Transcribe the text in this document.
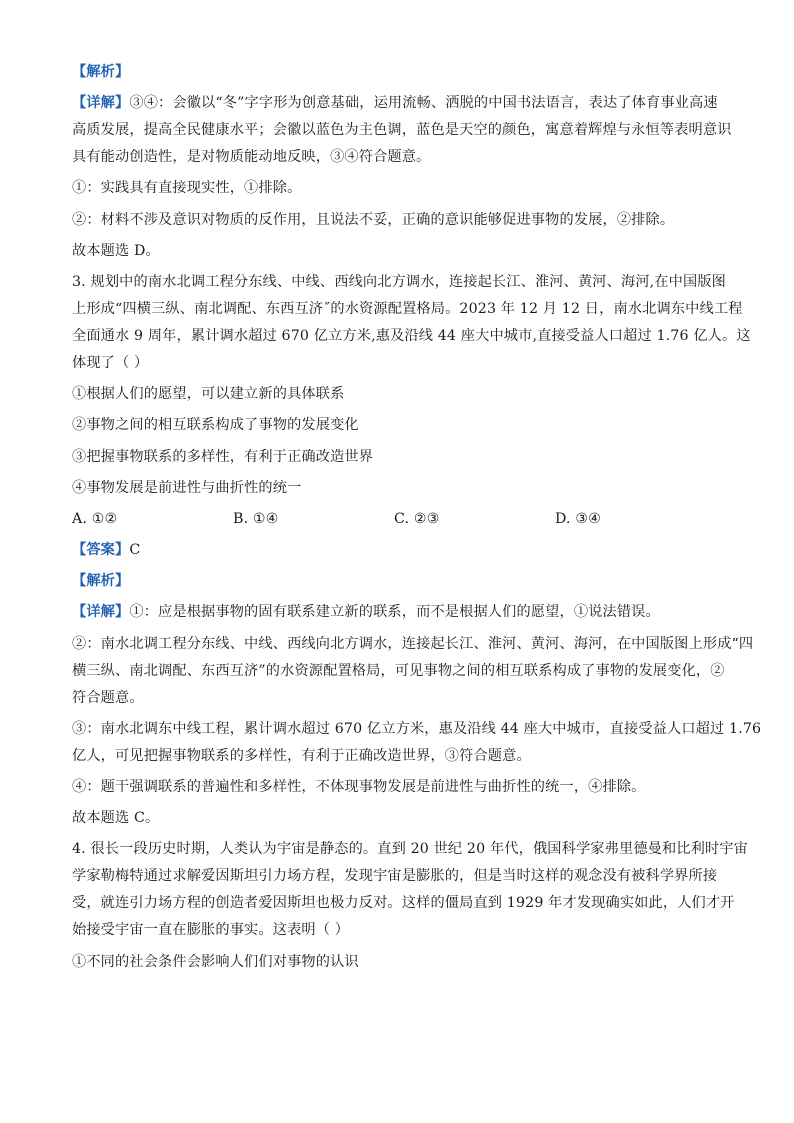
【解析】
【详解】③④：会徽以“冬”字字形为创意基础，运用流畅、洒脱的中国书法语言，表达了体育事业高速
高质发展，提高全民健康水平；会徽以蓝色为主色调，蓝色是天空的颜色，寓意着辉煌与永恒等表明意识
具有能动创造性，是对物质能动地反映，③④符合题意。
①：实践具有直接现实性，①排除。
②：材料不涉及意识对物质的反作用，且说法不妥，正确的意识能够促进事物的发展，②排除。
故本题选 D。
3. 规划中的南水北调工程分东线、中线、西线向北方调水，连接起长江、淮河、黄河、海河,在中国版图
上形成“四横三纵、南北调配、东西互济˝的水资源配置格局。2023 年 12 月 12 日，南水北调东中线工程
全面通水 9 周年，累计调水超过 670 亿立方米,惠及沿线 44 座大中城市,直接受益人口超过 1.76 亿人。这
体现了（ ）
①根据人们的愿望，可以建立新的具体联系
②事物之间的相互联系构成了事物的发展变化
③把握事物联系的多样性，有利于正确改造世界
④事物发展是前进性与曲折性的统一
A. ①②	B. ①④	C. ②③	D. ③④
【答案】C
【解析】
【详解】①：应是根据事物的固有联系建立新的联系，而不是根据人们的愿望，①说法错误。
②：南水北调工程分东线、中线、西线向北方调水，连接起长江、淮河、黄河、海河，在中国版图上形成“四
横三纵、南北调配、东西互济”的水资源配置格局，可见事物之间的相互联系构成了事物的发展变化，②
符合题意。
③：南水北调东中线工程，累计调水超过 670 亿立方米，惠及沿线 44 座大中城市，直接受益人口超过 1.76
亿人，可见把握事物联系的多样性，有利于正确改造世界，③符合题意。
④：题干强调联系的普遍性和多样性，不体现事物发展是前进性与曲折性的统一，④排除。
故本题选 C。
4. 很长一段历史时期，人类认为宇宙是静态的。直到 20 世纪 20 年代，俄国科学家弗里德曼和比利时宇宙
学家勒梅特通过求解爱因斯坦引力场方程，发现宇宙是膨胀的，但是当时这样的观念没有被科学界所接
受，就连引力场方程的创造者爱因斯坦也极力反对。这样的僵局直到 1929 年才发现确实如此，人们才开
始接受宇宙一直在膨胀的事实。这表明（ ）
①不同的社会条件会影响人们们对事物的认识
